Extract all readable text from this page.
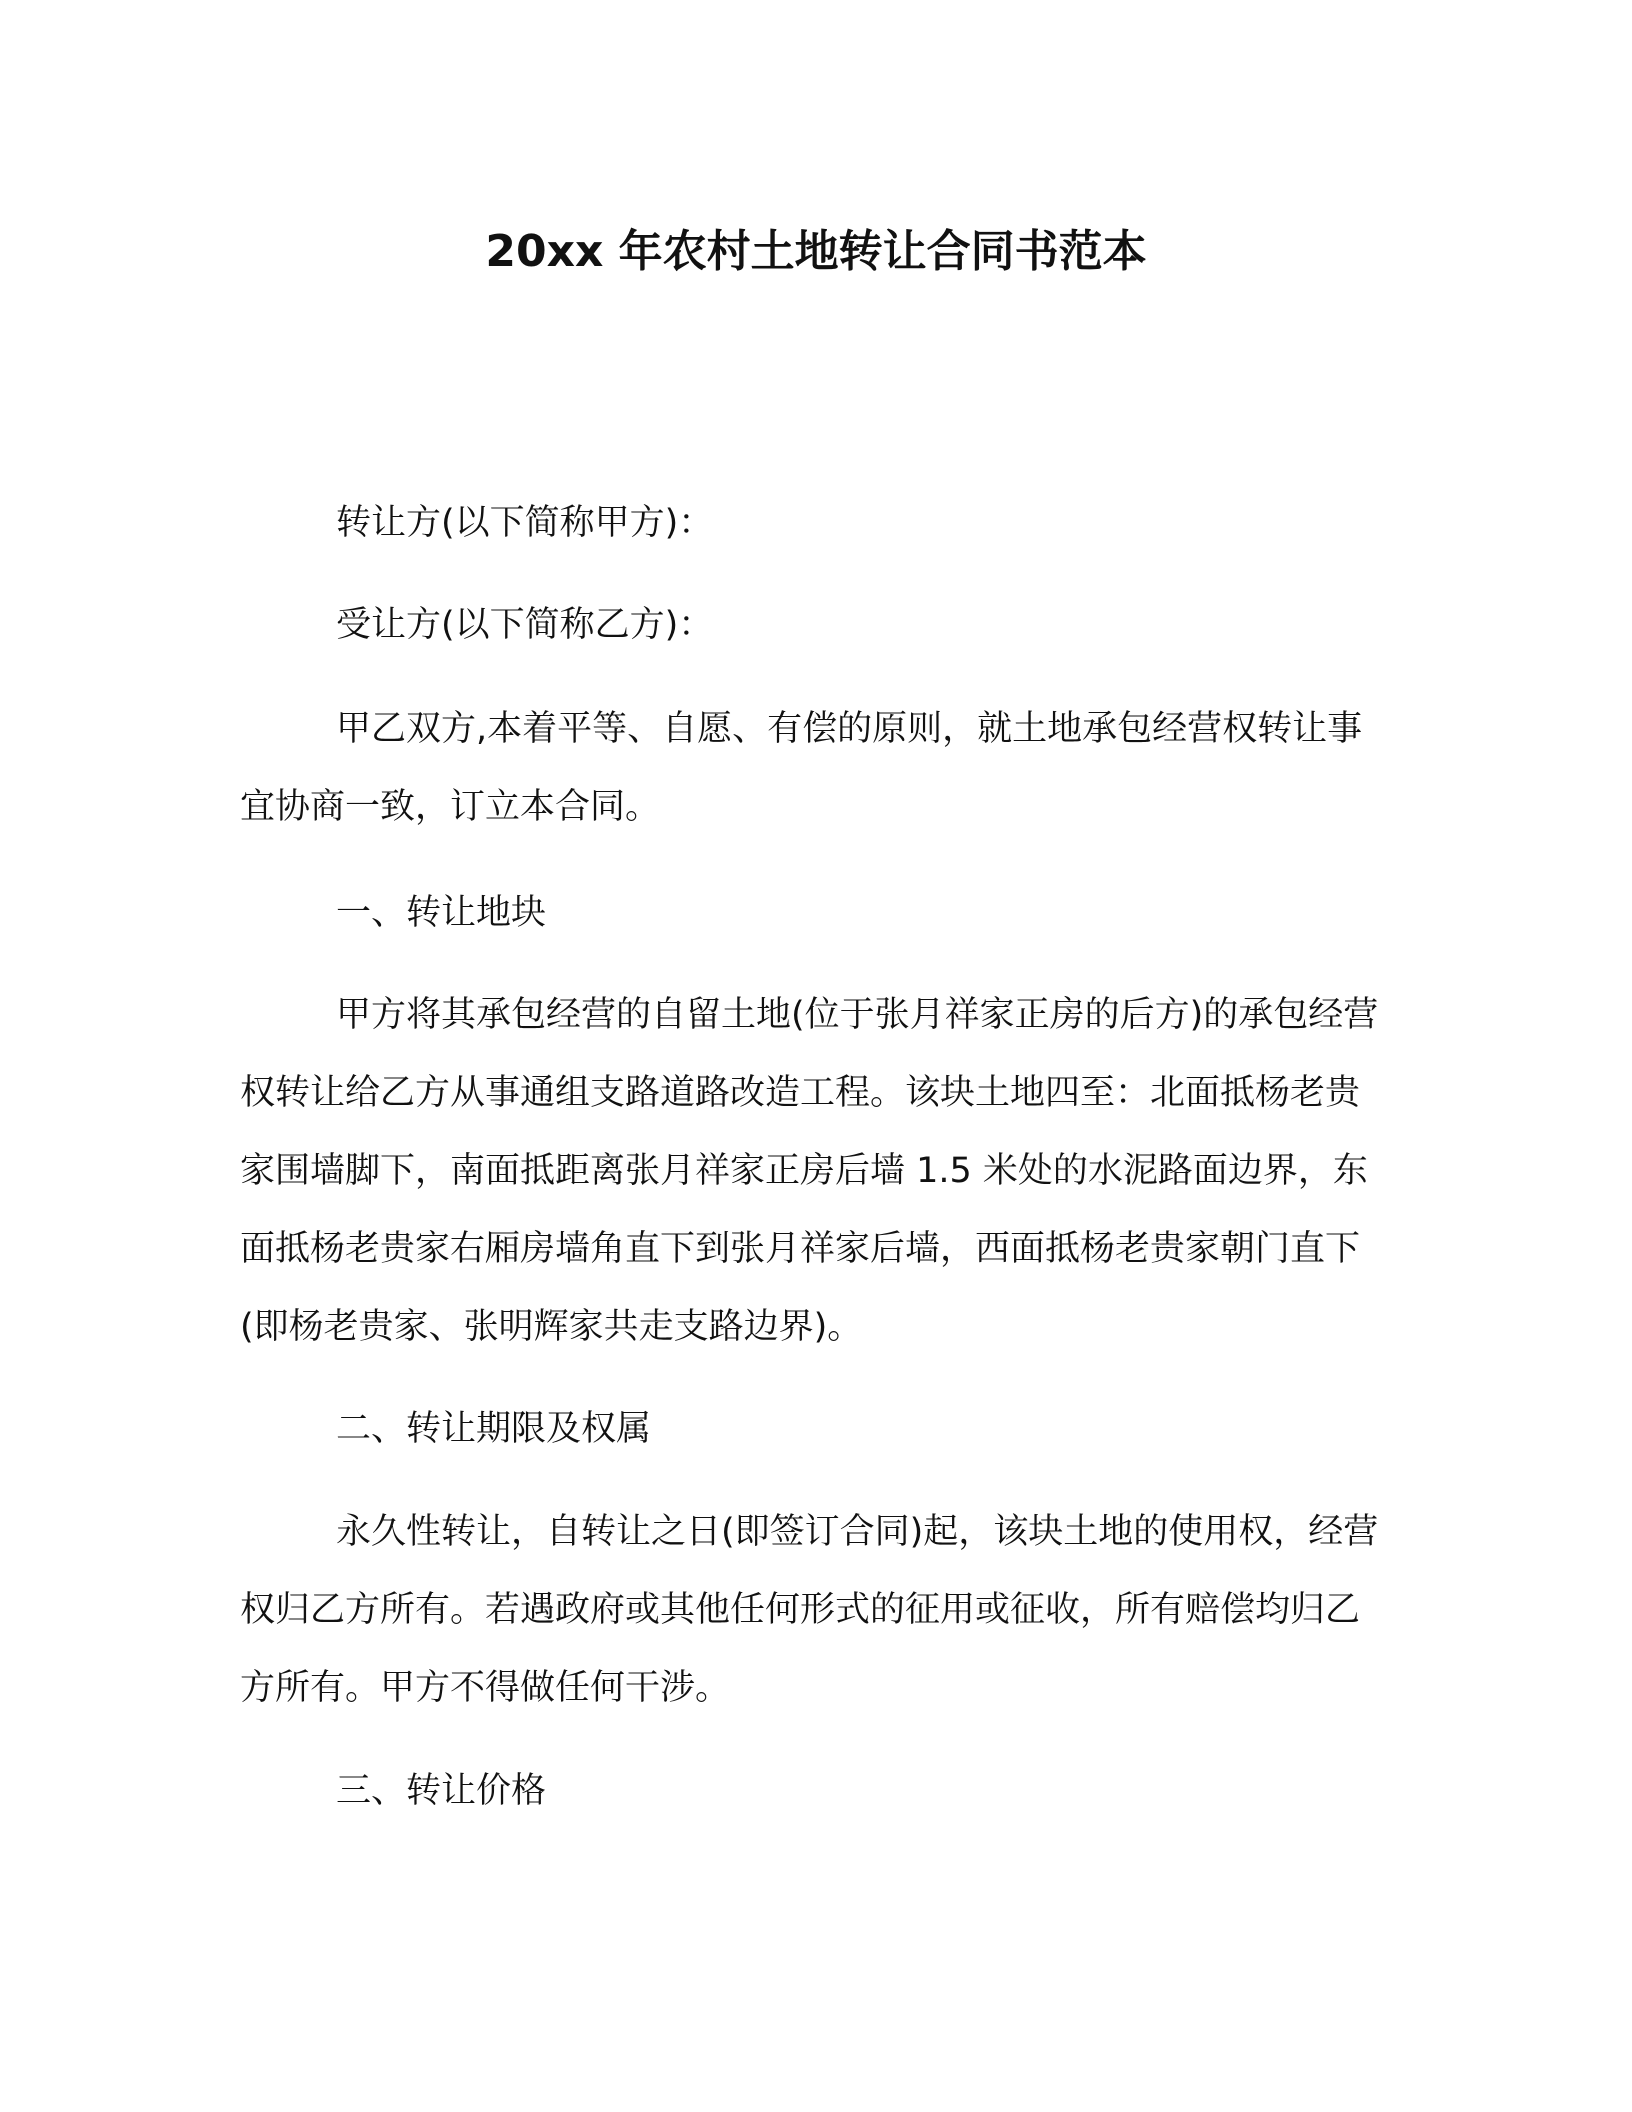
20xx 年农村土地转让合同书范本

转让方(以下简称甲方)：

受让方(以下简称乙方)：

甲乙双方,本着平等、自愿、有偿的原则，就土地承包经营权转让事宜协商一致，订立本合同。

一、转让地块

甲方将其承包经营的自留土地(位于张月祥家正房的后方)的承包经营权转让给乙方从事通组支路道路改造工程。该块土地四至：北面抵杨老贵家围墙脚下，南面抵距离张月祥家正房后墙 1.5 米处的水泥路面边界，东面抵杨老贵家右厢房墙角直下到张月祥家后墙，西面抵杨老贵家朝门直下(即杨老贵家、张明辉家共走支路边界)。

二、转让期限及权属

永久性转让，自转让之日(即签订合同)起，该块土地的使用权，经营权归乙方所有。若遇政府或其他任何形式的征用或征收，所有赔偿均归乙方所有。甲方不得做任何干涉。

三、转让价格
